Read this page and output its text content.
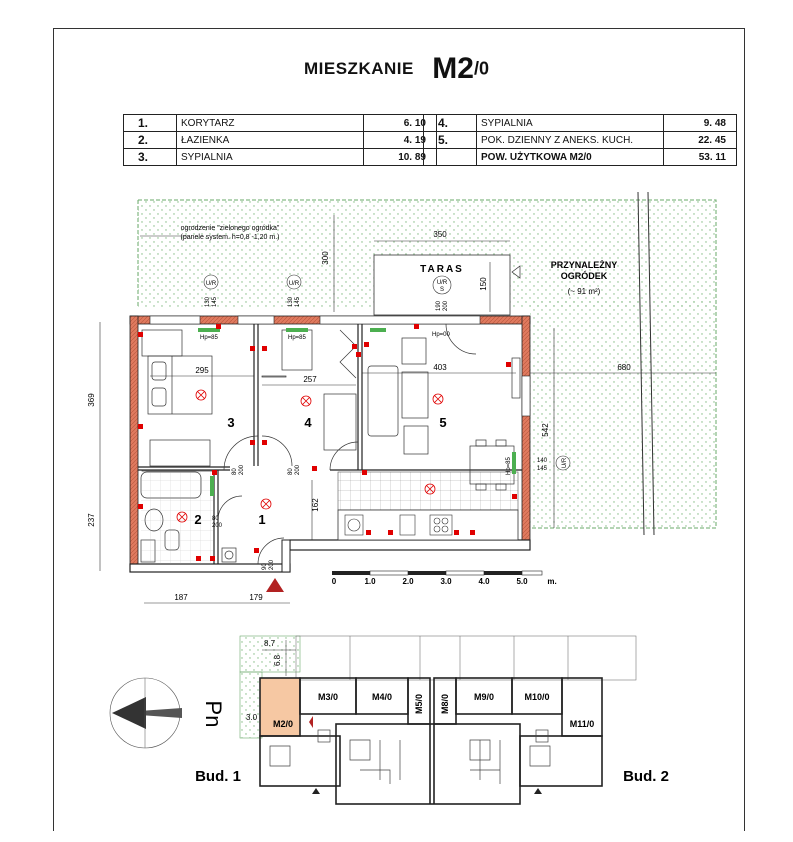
MIESZKANIE M2/0
1.	KORYTARZ	6. 10
2.	ŁAZIENKA	4. 19
3.	SYPIALNIA	10. 89
4.	SYPIALNIA	9. 48
5.	POK. DZIENNY Z ANEKS. KUCH.	22. 45
	POW. UŻYTKOWA M2/0	53. 11
TARAS
ogrodzenie "zielonego ogródka"
(panele system. h=0,8 -1,20 m.)
PRZYNALEŻNY
OGRÓDEK
(~ 91 m²)
350
300
150
680
542
369
237
187	179
295
257
403
162
U/R
130 145
U/R
130 145
U/R
S
190 200
U/R
140
145
Hp=85	Hp=85	Hp=00
Hp=85
80 200	80 200
80
200
90 200
1
2
3	4	5
0	1.0	2.0	3.0	4.0	5.0 m.
M2/0
M3/0	M4/0 M5/0 M8/0	M9/0	M10/0
M11/0
8.7
6.8
3.0
Pn
Bud. 1	Bud. 2
